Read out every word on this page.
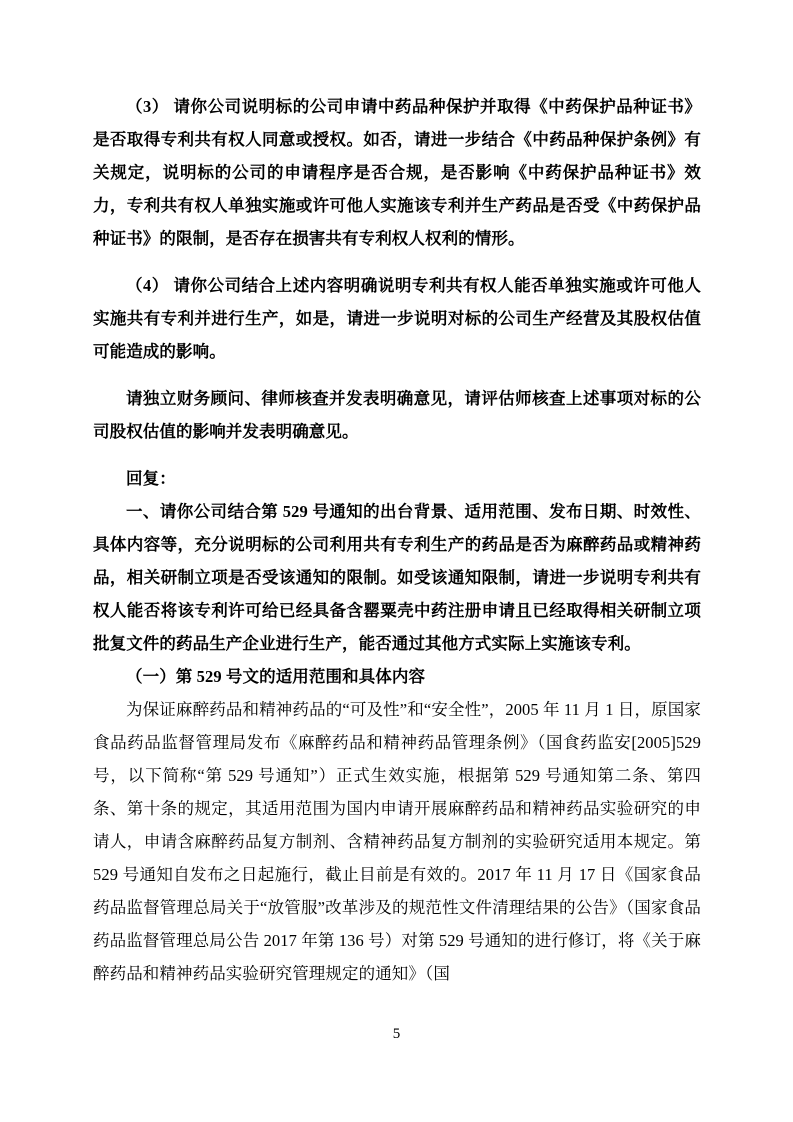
（3） 请你公司说明标的公司申请中药品种保护并取得《中药保护品种证书》是否取得专利共有权人同意或授权。如否，请进一步结合《中药品种保护条例》有关规定，说明标的公司的申请程序是否合规，是否影响《中药保护品种证书》效力，专利共有权人单独实施或许可他人实施该专利并生产药品是否受《中药保护品种证书》的限制，是否存在损害共有专利权人权利的情形。

（4） 请你公司结合上述内容明确说明专利共有权人能否单独实施或许可他人实施共有专利并进行生产，如是，请进一步说明对标的公司生产经营及其股权估值可能造成的影响。

请独立财务顾问、律师核查并发表明确意见，请评估师核查上述事项对标的公司股权估值的影响并发表明确意见。

回复：

一、请你公司结合第 529 号通知的出台背景、适用范围、发布日期、时效性、具体内容等，充分说明标的公司利用共有专利生产的药品是否为麻醉药品或精神药品，相关研制立项是否受该通知的限制。如受该通知限制，请进一步说明专利共有权人能否将该专利许可给已经具备含罂粟壳中药注册申请且已经取得相关研制立项批复文件的药品生产企业进行生产，能否通过其他方式实际上实施该专利。

（一）第 529 号文的适用范围和具体内容

为保证麻醉药品和精神药品的“可及性”和“安全性”，2005 年 11 月 1 日，原国家食品药品监督管理局发布《麻醉药品和精神药品管理条例》（国食药监安[2005]529 号，以下简称“第 529 号通知”）正式生效实施，根据第 529 号通知第二条、第四条、第十条的规定，其适用范围为国内申请开展麻醉药品和精神药品实验研究的申请人，申请含麻醉药品复方制剂、含精神药品复方制剂的实验研究适用本规定。第 529 号通知自发布之日起施行，截止目前是有效的。2017 年 11 月 17 日《国家食品药品监督管理总局关于“放管服”改革涉及的规范性文件清理结果的公告》（国家食品药品监督管理总局公告 2017 年第 136 号）对第 529 号通知的进行修订，将《关于麻醉药品和精神药品实验研究管理规定的通知》（国

5
